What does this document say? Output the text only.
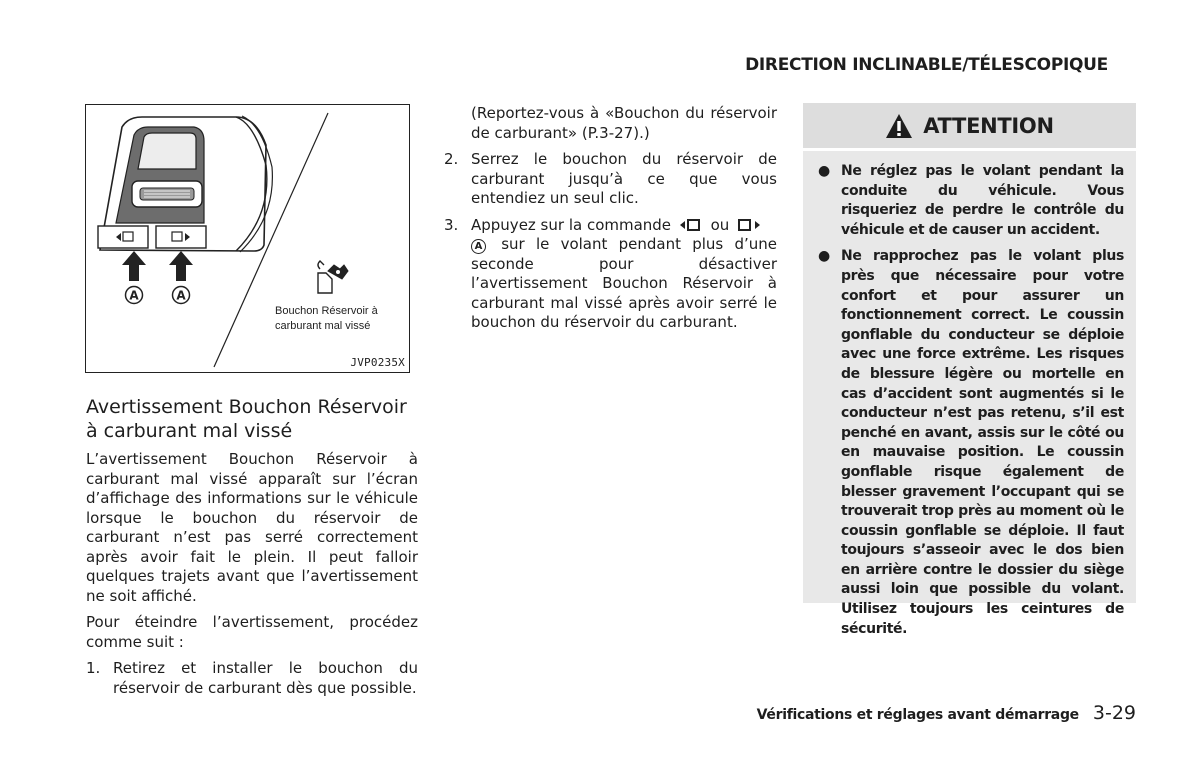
DIRECTION INCLINABLE/TÉLESCOPIQUE
A	A
Bouchon Réservoir à
carburant mal vissé
JVP0235X
Avertissement Bouchon Réservoir à carburant mal vissé

L’avertissement Bouchon Réservoir à carburant mal vissé apparaît sur l’écran d’affichage des informations sur le véhicule lorsque le bouchon du réservoir de carburant n’est pas serré correctement après avoir fait le plein. Il peut falloir quelques trajets avant que l’avertissement ne soit affiché.

Pour éteindre l’avertissement, procédez comme suit :

1. Retirez et installer le bouchon du réservoir de carburant dès que possible.
(Reportez-vous à «Bouchon du réservoir de carburant» (P.3-27).)
2. Serrez le bouchon du réservoir de carburant jusqu’à ce que vous entendiez un seul clic.
3. Appuyez sur la commande	ou
A sur le volant pendant plus d’une seconde pour désactiver l’avertissement Bouchon Réservoir à carburant mal vissé après avoir serré le bouchon du réservoir du carburant.
ATTENTION
● Ne réglez pas le volant pendant la conduite du véhicule. Vous risqueriez de perdre le contrôle du véhicule et de causer un accident.
● Ne rapprochez pas le volant plus près que nécessaire pour votre confort et pour assurer un fonctionnement correct. Le coussin gonflable du conducteur se déploie avec une force extrême. Les risques de blessure légère ou mortelle en cas d’accident sont augmentés si le conducteur n’est pas retenu, s’il est penché en avant, assis sur le côté ou en mauvaise position. Le coussin gonflable risque également de blesser gravement l’occupant qui se trouverait trop près au moment où le coussin gonflable se déploie. Il faut toujours s’asseoir avec le dos bien en arrière contre le dossier du siège aussi loin que possible du volant. Utilisez toujours les ceintures de sécurité.
Vérifications et réglages avant démarrage 3-29
